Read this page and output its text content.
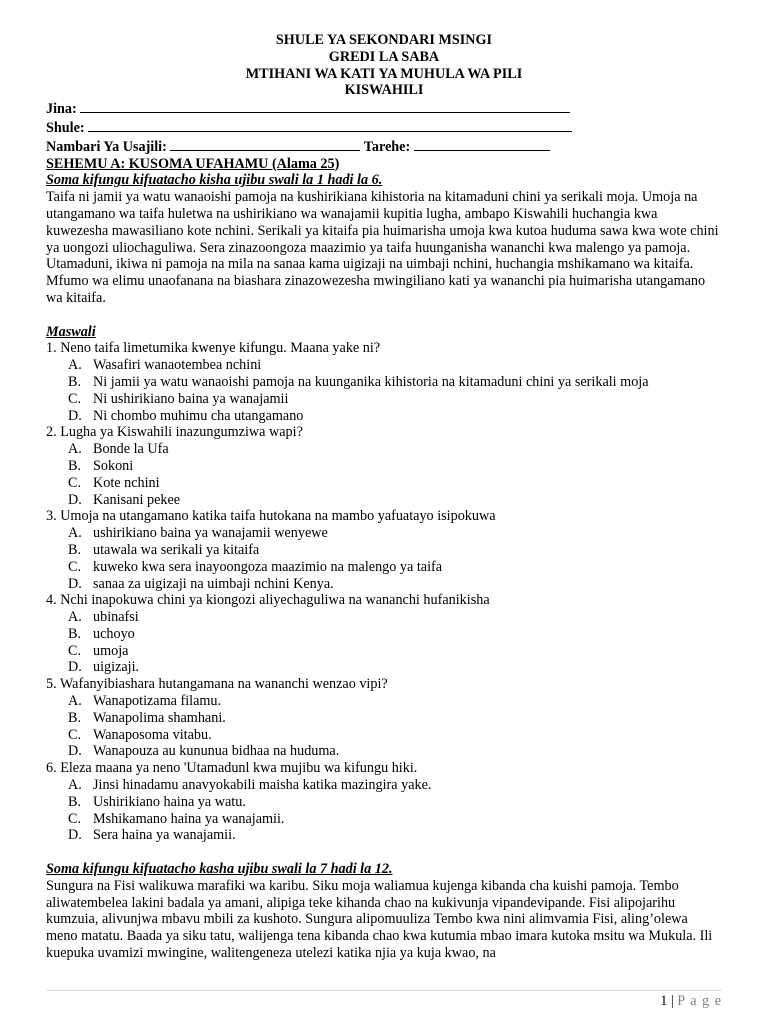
SHULE YA SEKONDARI MSINGI
GREDI LA SABA
MTIHANI WA KATI YA MUHULA WA PILI
KISWAHILI
Jina:
Shule:
Nambari Ya Usajili:	Tarehe:
SEHEMU A: KUSOMA UFAHAMU (Alama 25)
Soma kifungu kifuatacho kisha ujibu swali la 1 hadi la 6.

Taifa ni jamii ya watu wanaoishi pamoja na kushirikiana kihistoria na kitamaduni chini ya serikali moja. Umoja na utangamano wa taifa huletwa na ushirikiano wa wanajamii kupitia lugha, ambapo Kiswahili huchangia kwa kuwezesha mawasiliano kote nchini. Serikali ya kitaifa pia huimarisha umoja kwa kutoa huduma sawa kwa wote chini ya uongozi uliochaguliwa. Sera zinazoongoza maazimio ya taifa huunganisha wananchi kwa malengo ya pamoja. Utamaduni, ikiwa ni pamoja na mila na sanaa kama uigizaji na uimbaji nchini, huchangia mshikamano wa kitaifa. Mfumo wa elimu unaofanana na biashara zinazowezesha mwingiliano kati ya wananchi pia huimarisha utangamano wa kitaifa.

Maswali
1. Neno taifa limetumika kwenye kifungu. Maana yake ni?
A. Wasafiri wanaotembea nchini
B. Ni jamii ya watu wanaoishi pamoja na kuunganika kihistoria na kitamaduni chini ya serikali moja
C. Ni ushirikiano baina ya wanajamii
D. Ni chombo muhimu cha utangamano
2. Lugha ya Kiswahili inazungumziwa wapi?
A. Bonde la Ufa
B. Sokoni
C. Kote nchini
D. Kanisani pekee
3. Umoja na utangamano katika taifa hutokana na mambo yafuatayo isipokuwa
A. ushirikiano baina ya wanajamii wenyewe
B. utawala wa serikali ya kitaifa
C. kuweko kwa sera inayoongoza maazimio na malengo ya taifa
D. sanaa za uigizaji na uimbaji nchini Kenya.
4. Nchi inapokuwa chini ya kiongozi aliyechaguliwa na wananchi hufanikisha
A. ubinafsi
B. uchoyo
C. umoja
D. uigizaji.
5. Wafanyibiashara hutangamana na wananchi wenzao vipi?
A. Wanapotizama filamu.
B. Wanapolima shamhani.
C. Wanaposoma vitabu.
D. Wanapouza au kununua bidhaa na huduma.
6. Eleza maana ya neno 'Utamadunl kwa mujibu wa kifungu hiki.
A. Jinsi hinadamu anavyokabili maisha katika mazingira yake.
B. Ushirikiano haina ya watu.
C. Mshikamano haina ya wanajamii.
D. Sera haina ya wanajamii.
Soma kifungu kifuatacho kasha ujibu swali la 7 hadi la 12.

Sungura na Fisi walikuwa marafiki wa karibu. Siku moja waliamua kujenga kibanda cha kuishi pamoja. Tembo aliwatembelea lakini badala ya amani, alipiga teke kihanda chao na kukivunja vipandevipande. Fisi alipojarihu kumzuia, alivunjwa mbavu mbili za kushoto. Sungura alipomuuliza Tembo kwa nini alimvamia Fisi, aling’olewa meno matatu. Baada ya siku tatu, walijenga tena kibanda chao kwa kutumia mbao imara kutoka msitu wa Mukula. Ili kuepuka uvamizi mwingine, walitengeneza utelezi katika njia ya kuja kwao, na

1 | P a g e
